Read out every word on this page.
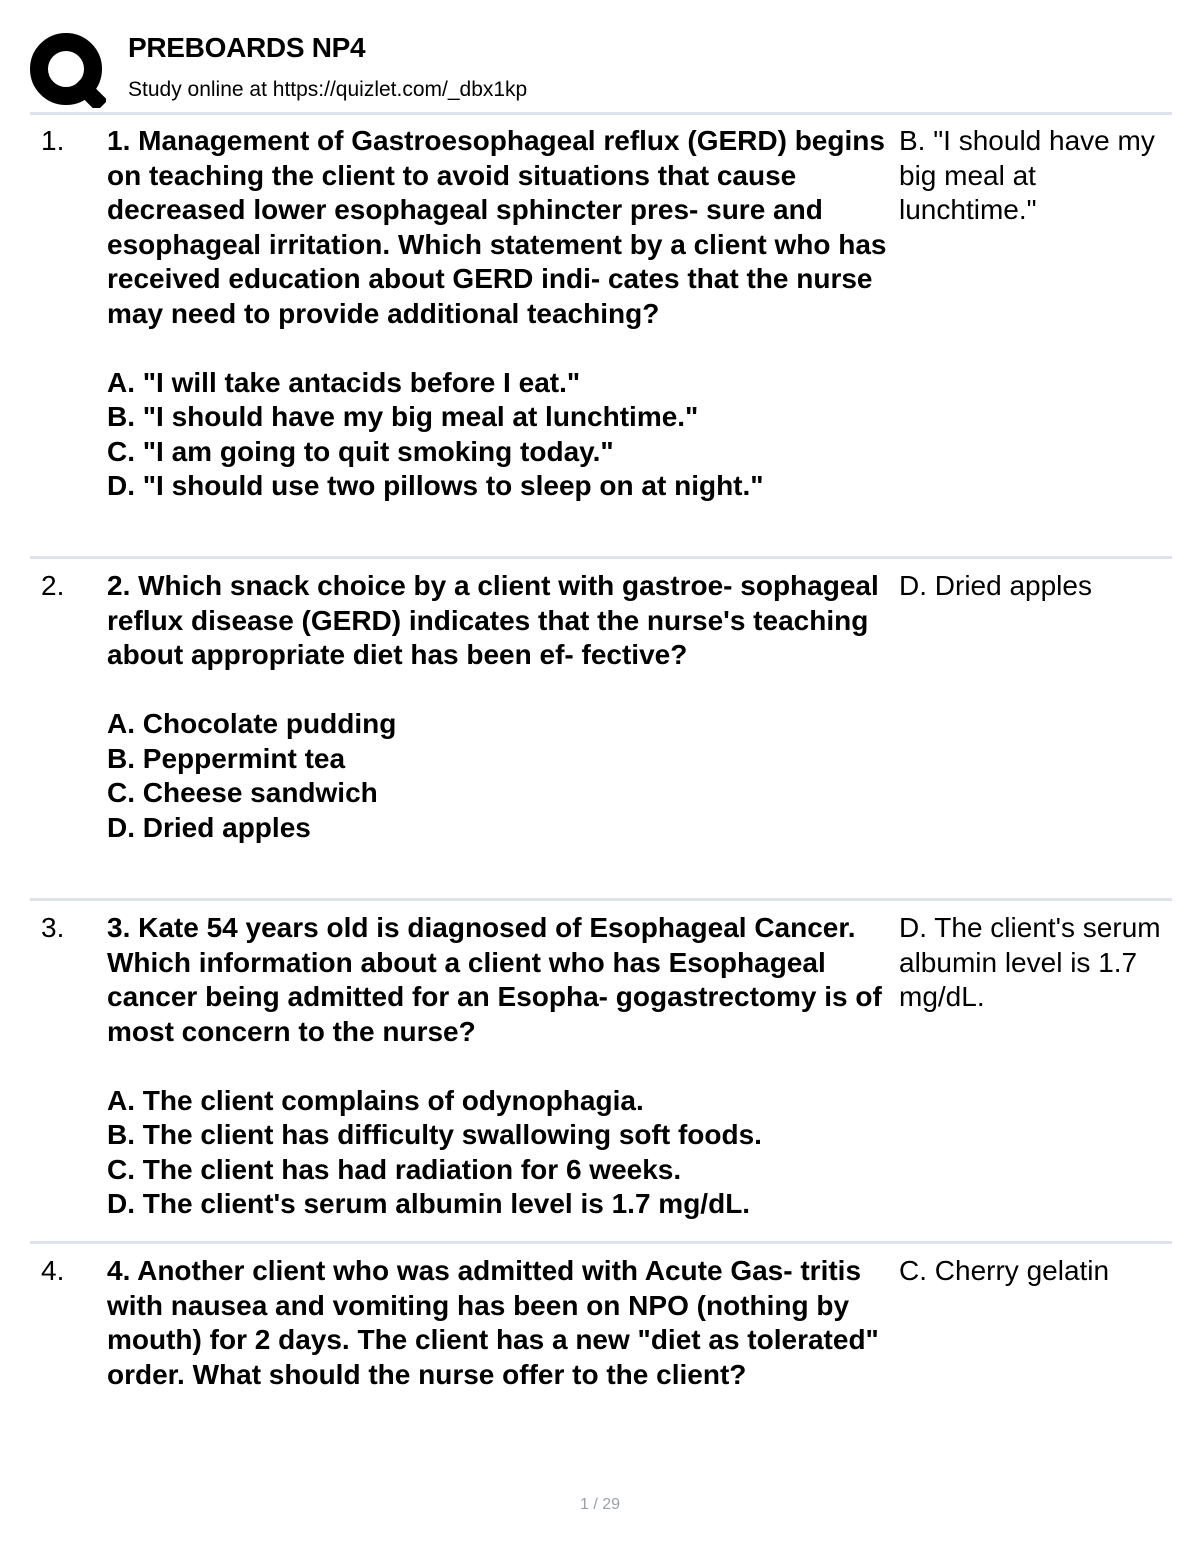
PREBOARDS NP4
Study online at https://quizlet.com/_dbx1kp
1. 1. Management of Gastroesophageal reflux (GERD) begins on teaching the client to avoid situations that cause decreased lower esophageal sphincter pres- sure and esophageal irritation. Which statement by a client who has received education about GERD indi- cates that the nurse may need to provide additional teaching?
A. "I will take antacids before I eat."
B. "I should have my big meal at lunchtime."
C. "I am going to quit smoking today."
D. "I should use two pillows to sleep on at night."
B. "I should have my big meal at lunchtime."
2. 2. Which snack choice by a client with gastroe- sophageal reflux disease (GERD) indicates that the nurse's teaching about appropriate diet has been ef- fective?
A. Chocolate pudding
B. Peppermint tea
C. Cheese sandwich
D. Dried apples
D. Dried apples
3. 3. Kate 54 years old is diagnosed of Esophageal Cancer. Which information about a client who has Esophageal cancer being admitted for an Esopha- gogastrectomy is of most concern to the nurse?
A. The client complains of odynophagia.
B. The client has difficulty swallowing soft foods.
C. The client has had radiation for 6 weeks.
D. The client's serum albumin level is 1.7 mg/dL.
D. The client's serum albumin level is 1.7 mg/dL.
4. 4. Another client who was admitted with Acute Gas- tritis with nausea and vomiting has been on NPO (nothing by mouth) for 2 days. The client has a new "diet as tolerated" order. What should the nurse offer to the client?
C. Cherry gelatin
1 / 29
